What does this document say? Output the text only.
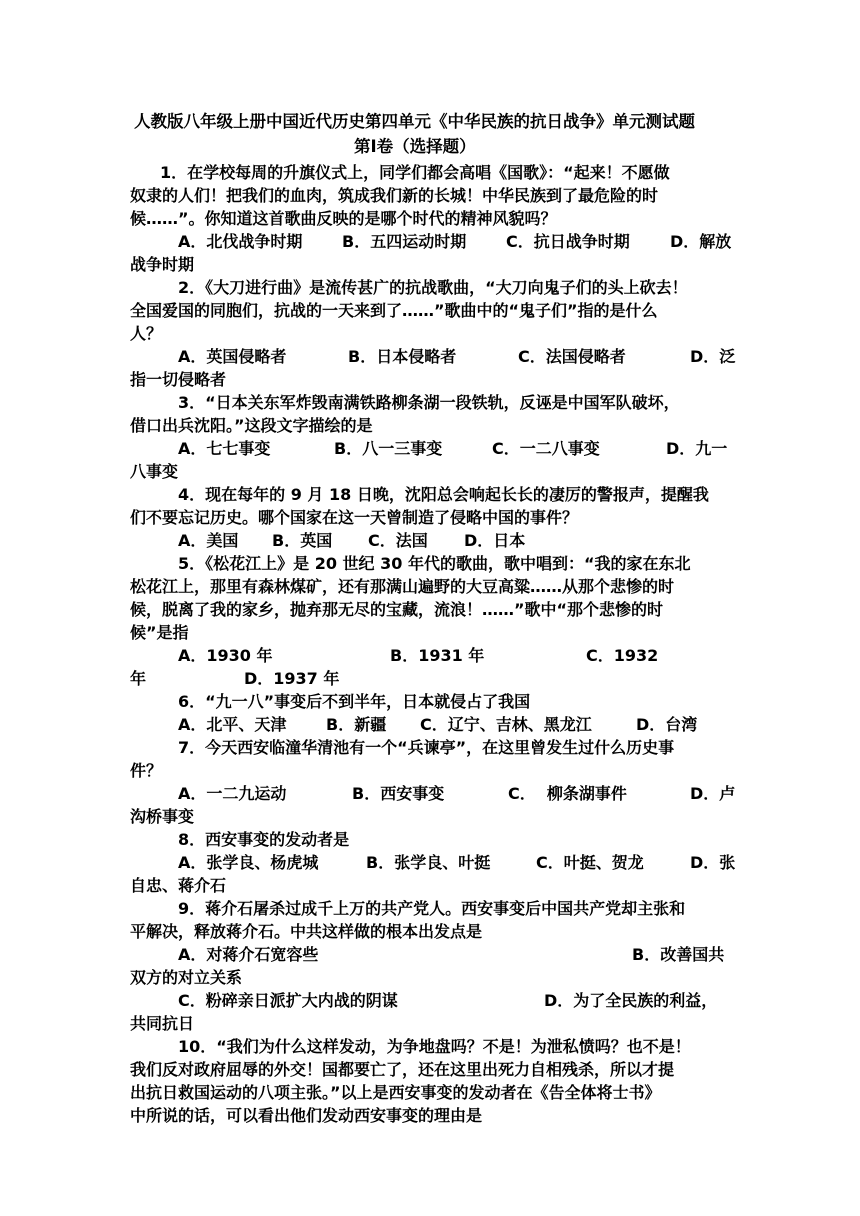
人教版八年级上册中国近代历史第四单元《中华民族的抗日战争》单元测试题
第Ⅰ卷（选择题）
1．在学校每周的升旗仪式上，同学们都会高唱《国歌》：“起来！不愿做
奴隶的人们！把我们的血肉，筑成我们新的长城！中华民族到了最危险的时
候……”。你知道这首歌曲反映的是哪个时代的精神风貌吗？
A．北伐战争时期 B．五四运动时期 C．抗日战争时期	D．解放
战争时期
2．《大刀进行曲》是流传甚广的抗战歌曲，“大刀向鬼子们的头上砍去！
全国爱国的同胞们，抗战的一天来到了……”歌曲中的“鬼子们”指的是什么
人？
A．英国侵略者	B．日本侵略者	C．法国侵略者	D．泛
指一切侵略者
3．“日本关东军炸毁南满铁路柳条湖一段铁轨，反诬是中国军队破坏，
借口出兵沈阳。”这段文字描绘的是
A．七七事变	B．八一三事变	C．一二八事变	D．九一
八事变
4．现在每年的 9 月 18 日晚，沈阳总会响起长长的凄厉的警报声，提醒我
们不要忘记历史。哪个国家在这一天曾制造了侵略中国的事件？
A．美国 B．英国 C．法国 D．日本
5．《松花江上》是 20 世纪 30 年代的歌曲，歌中唱到：“我的家在东北
松花江上，那里有森林煤矿，还有那满山遍野的大豆高粱……从那个悲惨的时
候，脱离了我的家乡，抛弃那无尽的宝藏，流浪！……”歌中“那个悲惨的时
候”是指
A．1930 年	B．1931 年	C．1932
年	D．1937 年
6．“九一八”事变后不到半年，日本就侵占了我国
A．北平、天津 B．新疆 C．辽宁、吉林、黑龙江	D．台湾
7．今天西安临潼华清池有一个“兵谏亭”，在这里曾发生过什么历史事
件？
A．一二九运动	B．西安事变	C．  柳条湖事件	D．卢
沟桥事变
8．西安事变的发动者是
A．张学良、杨虎城	B．张学良、叶挺	C．叶挺、贺龙	D．张
自忠、蒋介石
9．蒋介石屠杀过成千上万的共产党人。西安事变后中国共产党却主张和
平解决，释放蒋介石。中共这样做的根本出发点是
A．对蒋介石宽容些	B．改善国共
双方的对立关系
C．粉碎亲日派扩大内战的阴谋	D．为了全民族的利益，
共同抗日
10．“我们为什么这样发动，为争地盘吗？不是！为泄私愤吗？也不是！
我们反对政府屈辱的外交！国都要亡了，还在这里出死力自相残杀，所以才提
出抗日救国运动的八项主张。”以上是西安事变的发动者在《告全体将士书》
中所说的话，可以看出他们发动西安事变的理由是
